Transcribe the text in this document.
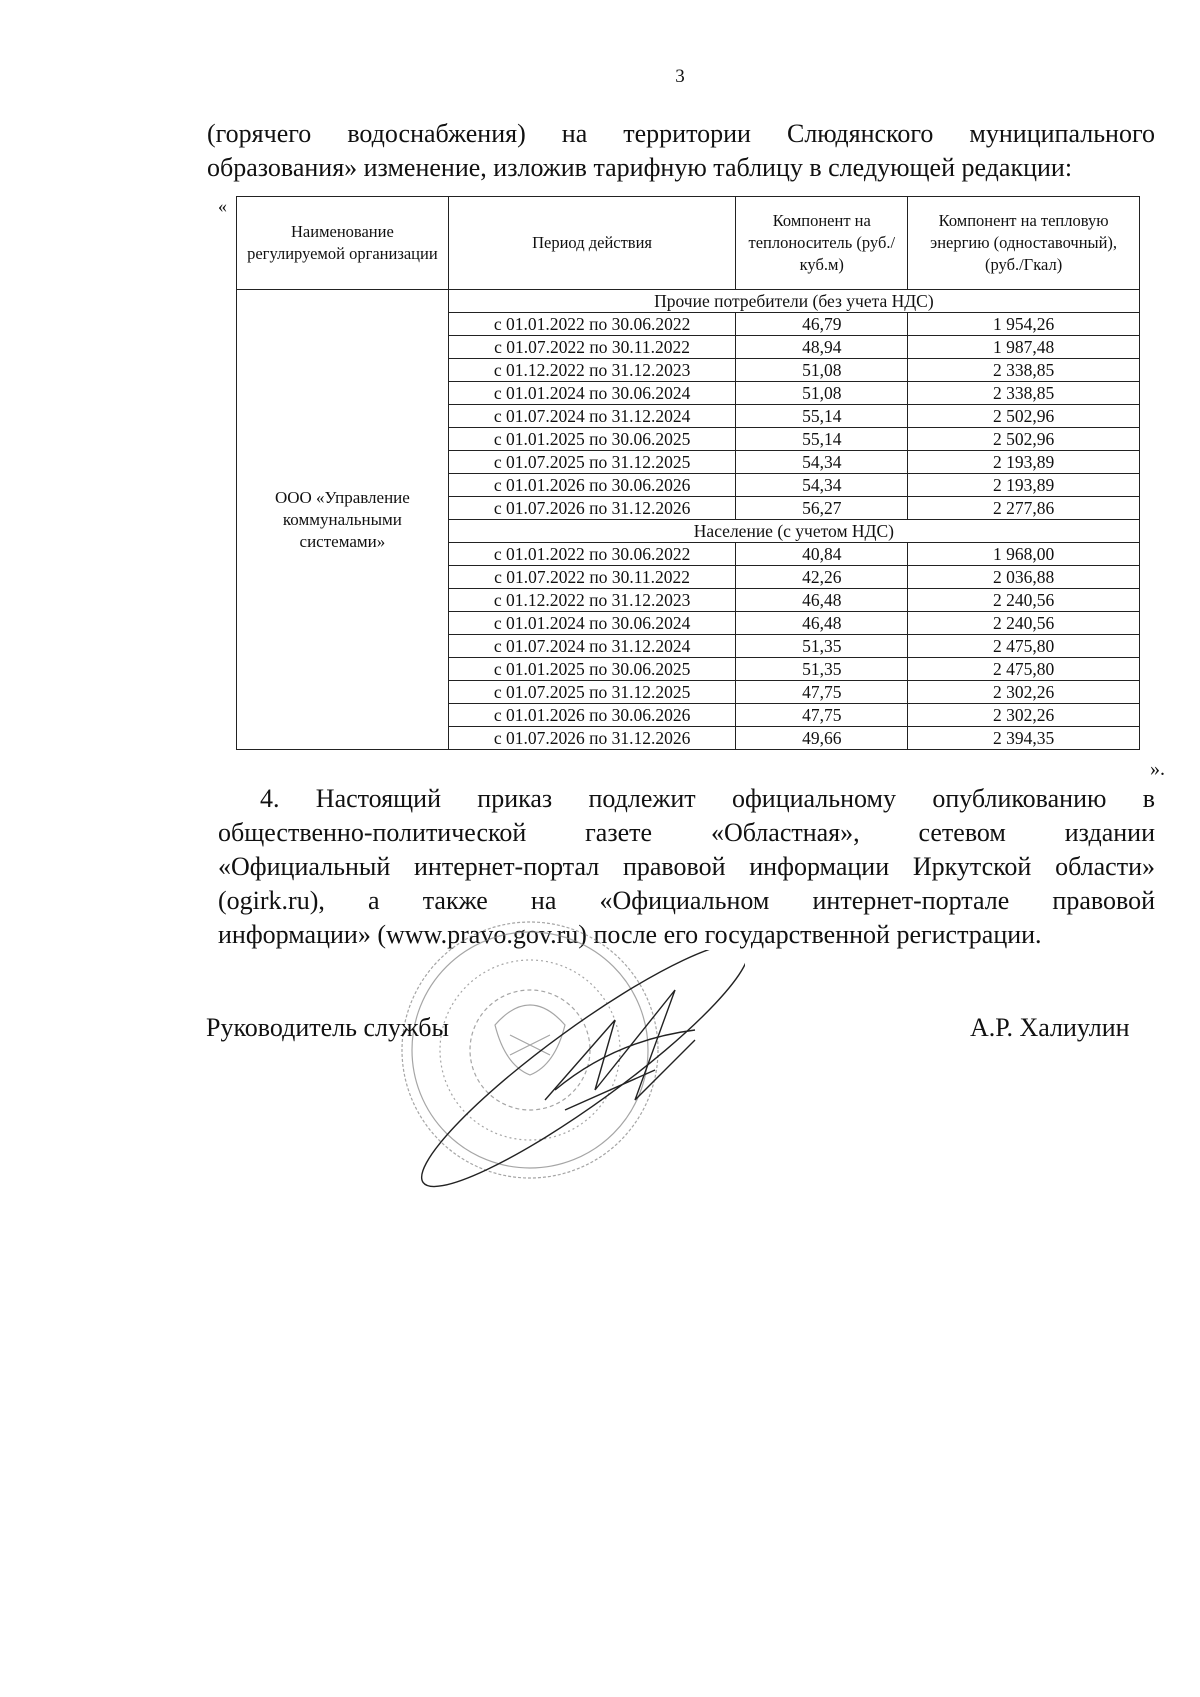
3

(горячего водоснабжения) на территории Слюдянского муниципального образования» изменение, изложив тарифную таблицу в следующей редакции:

«
Наименование регулируемой организации	Период действия	Компонент на теплоноситель (руб./куб.м)	Компонент на тепловую энергию (одноставочный), (руб./Гкал)
ООО «Управление коммунальными системами»	Прочие потребители (без учета НДС)		
	с 01.01.2022 по 30.06.2022	46,79	1 954,26
	с 01.07.2022 по 30.11.2022	48,94	1 987,48
	с 01.12.2022 по 31.12.2023	51,08	2 338,85
	с 01.01.2024 по 30.06.2024	51,08	2 338,85
	с 01.07.2024 по 31.12.2024	55,14	2 502,96
	с 01.01.2025 по 30.06.2025	55,14	2 502,96
	с 01.07.2025 по 31.12.2025	54,34	2 193,89
	с 01.01.2026 по 30.06.2026	54,34	2 193,89
	с 01.07.2026 по 31.12.2026	56,27	2 277,86
	Население (с учетом НДС)		
	с 01.01.2022 по 30.06.2022	40,84	1 968,00
	с 01.07.2022 по 30.11.2022	42,26	2 036,88
	с 01.12.2022 по 31.12.2023	46,48	2 240,56
	с 01.01.2024 по 30.06.2024	46,48	2 240,56
	с 01.07.2024 по 31.12.2024	51,35	2 475,80
	с 01.01.2025 по 30.06.2025	51,35	2 475,80
	с 01.07.2025 по 31.12.2025	47,75	2 302,26
	с 01.01.2026 по 30.06.2026	47,75	2 302,26
	с 01.07.2026 по 31.12.2026	49,66	2 394,35
».
4. Настоящий приказ подлежит официальному опубликованию в
общественно-политической газете «Областная», сетевом издании
«Официальный интернет-портал правовой информации Иркутской области»
(ogirk.ru), а также на «Официальном интернет-портале правовой
информации» (www.pravo.gov.ru) после его государственной регистрации.
Руководитель службы	А.Р. Халиулин
